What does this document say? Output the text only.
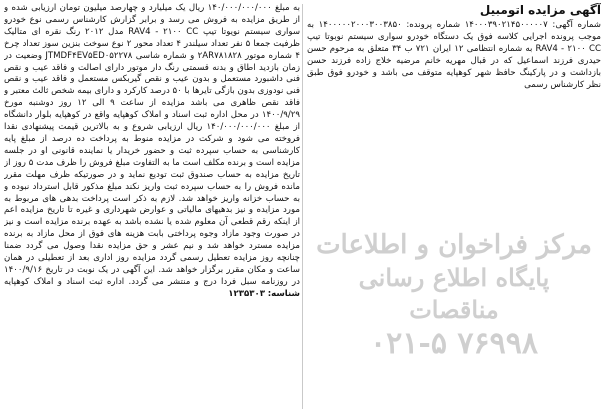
آگهی مزایده اتومبیل
شماره آگهی: ۱۴۰۰۰۳۹۰۲۱۴۵۰۰۰۰۰۷ شماره پرونده: ۱۴۰۰۰۰۰۲۰۰۰۳۰۰۳۸۵۰ به موجب پرونده اجرایی کلاسه فوق یک دستگاه خودرو سواری سیستم نوبوتا تیپ RAV4 - ۲۱۰۰ CC به شماره انتظامی ۱۲ ایران ۷۲۱ ب ۳۴ متعلق به مرحوم حسن حیدری فرزند اسماعیل که در قبال مهریه خانم مرضیه خلاج زاده فرزند حسن بازداشت و در پارکینگ حافظ شهر کوهپایه متوقف می باشد و خودرو فوق طبق نظر کارشناس رسمی
مرکز فراخوان و اطلاعات
پایگاه اطلاع رسانی مناقصات
۰۲۱-۵ ۷۶۹۹۸
به مبلغ ۱۴۰/۰۰۰/۰۰۰/۰۰۰ ریال یک میلیارد و چهارصد میلیون تومان ارزیابی شده و از طریق مزایده به فروش می رسد و برابر گزارش کارشناس رسمی نوع خودرو سواری سیستم نویوتا تیپ RAV4 - ۲۱۰۰ CC مدل ۲۰۱۲ رنگ نقره ای متالیک ظرفیت جمعا ۵ نفر تعداد سیلندر ۴ تعداد محور ۲ نوع سوخت بنزین سوز تعداد چرخ ۴ شماره موتور ۲AR۷۸۱۸۲۸ و شماره شاسی JTMDF۴EV۵ED۰۵۲۲۷۸ وضعیت در زمان بازدید اطاق و بدنه قسمتی رنگ دار موتور دارای اصالت و فاقد عیب و نقص فنی داشبورد مستعمل و بدون عیب و نقص گیربکس مستعمل و فاقد عیب و نقص فنی نودوزی بدون بازگی تایرها با ۵۰ درصد کارکرد و دارای بیمه شخص ثالث معتبر و فاقد نقص ظاهری می باشد مزایده از ساعت ۹ الی ۱۲ روز دوشنبه مورخ ۱۴۰۰/۹/۲۹ در محل اداره ثبت اسناد و املاک کوهپایه واقع در کوهپایه بلوار دانشگاه از مبلغ ۱۴۰/۰۰۰/۰۰۰/۰۰۰ ریال ارزیابی شروع و به بالاترین قیمت پیشنهادی نقدا فروخته می شود و شرکت در مزایده منوط به پرداخت ده درصد از مبلغ پایه کارشناسی به حساب سپرده ثبت و حضور خریدار یا نماینده قانونی او در جلسه مزایده است و برنده مکلف است ما به التفاوت مبلغ فروش را ظرف مدت ۵ روز از تاریخ مزایده به حساب صندوق ثبت تودیع نماید و در صورتیکه ظرف مهلت مقرر مانده فروش را به حساب سپرده ثبت واریز نکند مبلغ مذکور قابل استرداد نبوده و به حساب خزانه واریز خواهد شد. لازم به ذکر است پرداخت بدهی های مربوط به مورد مزایده و نیز بدهیهای مالیاتی و عوارض شهرداری و غیره تا تاریخ مزایده اعم از اینکه رقم قطعی آن معلوم شده یا نشده باشد به عهده برنده مزایده است و نیز در صورت وجود مازاد وجوه پرداختی بابت هزینه های فوق از محل مازاد به برنده مزایده مسترد خواهد شد و نیم عشر و حق مزایده نقدا وصول می گردد ضمنا چنانچه روز مزایده تعطیل رسمی گردد مزایده روز اداری بعد از تعطیلی در همان ساعت و مکان مقرر برگزار خواهد شد. این آگهی در یک نوبت در تاریخ ۱۴۰۰/۹/۱۶ در روزنامه سبل فردا درج و منتشر می گردد. اداره ثبت اسناد و املاک کوهپایه شناسه: ۱۲۳۵۳۰۳
